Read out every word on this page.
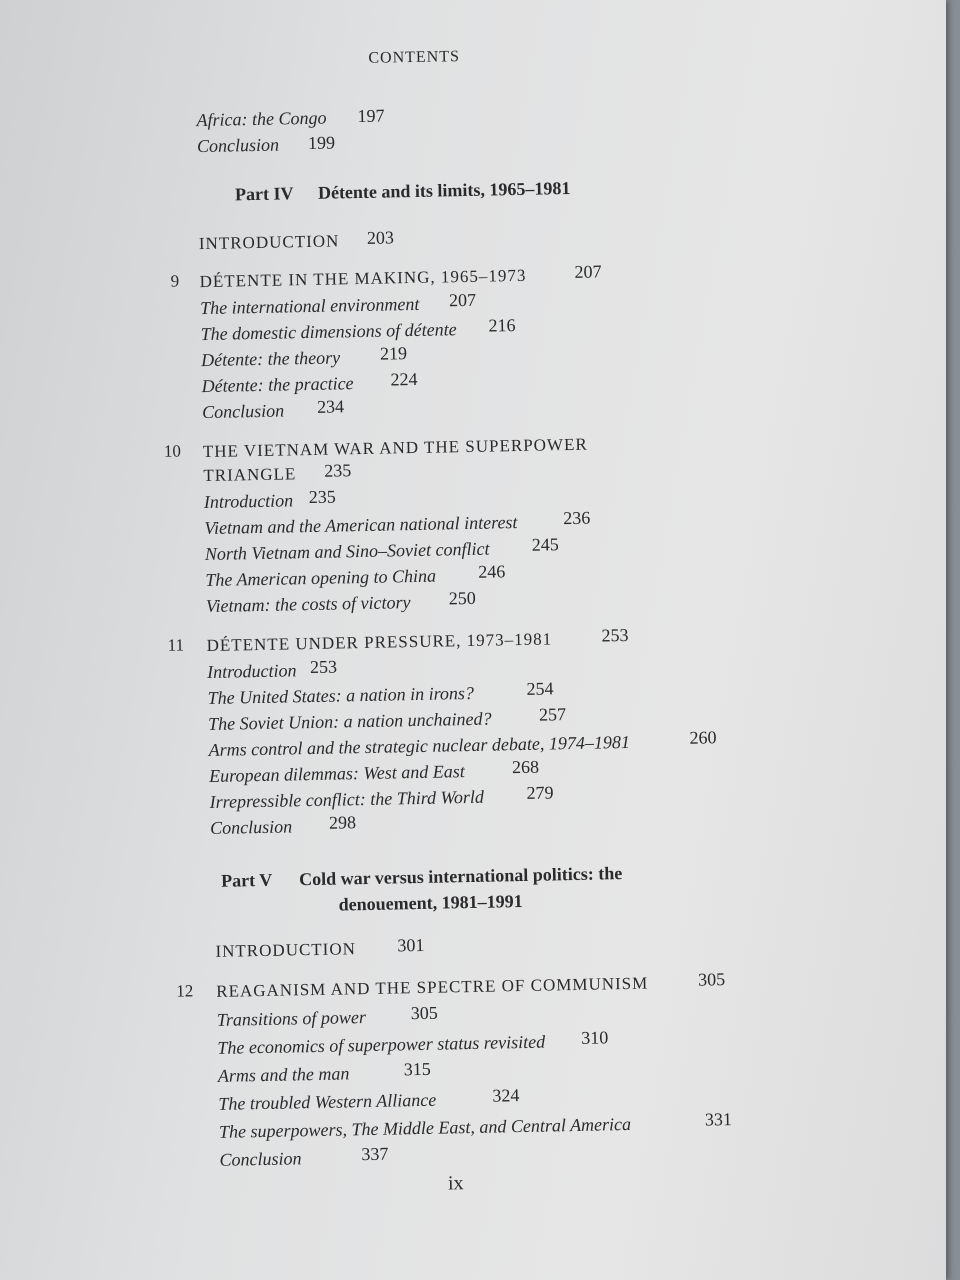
CONTENTS
Africa: the Congo 197
Conclusion 199
Part IV Détente and its limits, 1965–1981
INTRODUCTION 203
9 DÉTENTE IN THE MAKING, 1965–1973	207
The international environment 207
The domestic dimensions of détente 216
Détente: the theory 219
Détente: the practice 224
Conclusion 234
10 THE VIETNAM WAR AND THE SUPERPOWER
TRIANGLE 235
Introduction 235
Vietnam and the American national interest	236
North Vietnam and Sino–Soviet conflict 245
The American opening to China 246
Vietnam: the costs of victory 250
11 DÉTENTE UNDER PRESSURE, 1973–1981	253
Introduction 253
The United States: a nation in irons?	254
The Soviet Union: a nation unchained?	257
Arms control and the strategic nuclear debate, 1974–1981	260
European dilemmas: West and East	268
Irrepressible conflict: the Third World 279
Conclusion 298
Part V Cold war versus international politics: the
denouement, 1981–1991
INTRODUCTION 301
12 REAGANISM AND THE SPECTRE OF COMMUNISM	305
Transitions of power 305
The economics of superpower status revisited 310
Arms and the man	315
The troubled Western Alliance	324
The superpowers, The Middle East, and Central America	331
Conclusion	337
ix
